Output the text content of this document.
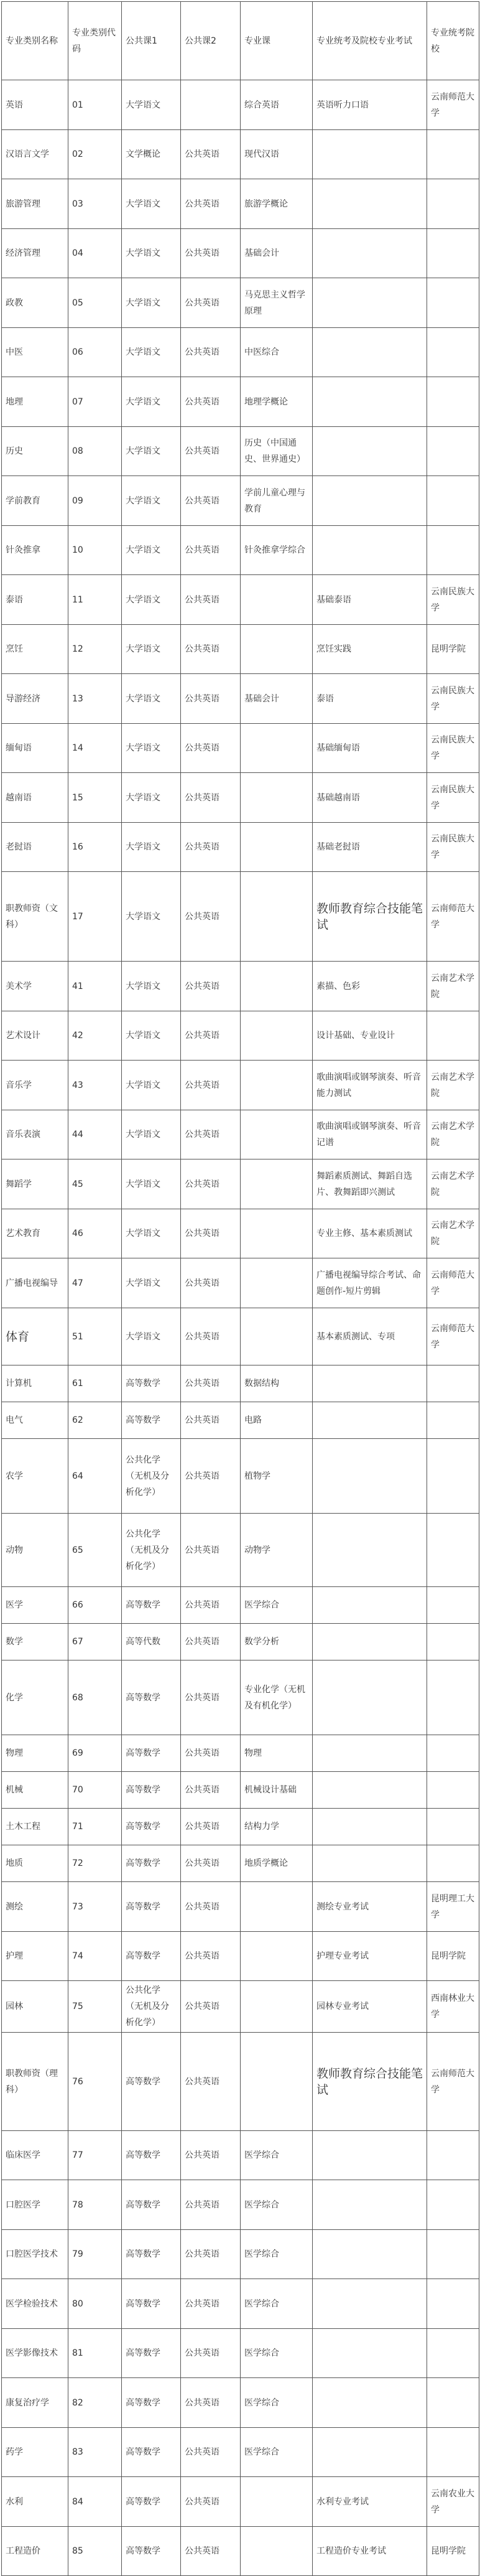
专业类别名称	专业类别代码	公共课1	公共课2	专业课	专业统考及院校专业考试	专业统考院校
英语	01	大学语文		综合英语	英语听力口语	云南师范大学
汉语言文学	02	文学概论	公共英语	现代汉语		
旅游管理	03	大学语文	公共英语	旅游学概论		
经济管理	04	大学语文	公共英语	基础会计		
政教	05	大学语文	公共英语	马克思主义哲学原理		
中医	06	大学语文	公共英语	中医综合		
地理	07	大学语文	公共英语	地理学概论		
历史	08	大学语文	公共英语	历史（中国通史、世界通史）		
学前教育	09	大学语文	公共英语	学前儿童心理与教育		
针灸推拿	10	大学语文	公共英语	针灸推拿学综合		
泰语	11	大学语文	公共英语		基础泰语	云南民族大学
烹饪	12	大学语文	公共英语		烹饪实践	昆明学院
导游经济	13	大学语文	公共英语	基础会计	泰语	云南民族大学
缅甸语	14	大学语文	公共英语		基础缅甸语	云南民族大学
越南语	15	大学语文	公共英语		基础越南语	云南民族大学
老挝语	16	大学语文	公共英语		基础老挝语	云南民族大学
职教师资（文科）	17	大学语文	公共英语		教师教育综合技能笔试	云南师范大学
美术学	41	大学语文	公共英语		素描、色彩	云南艺术学院
艺术设计	42	大学语文	公共英语		设计基础、专业设计	
音乐学	43	大学语文	公共英语		歌曲演唱或钢琴演奏、听音能力测试	云南艺术学院
音乐表演	44	大学语文	公共英语		歌曲演唱或钢琴演奏、听音记谱	云南艺术学院
舞蹈学	45	大学语文	公共英语		舞蹈素质测试、舞蹈自选片、教舞蹈即兴测试	云南艺术学院
艺术教育	46	大学语文	公共英语		专业主修、基本素质测试	云南艺术学院
广播电视编导	47	大学语文	公共英语		广播电视编导综合考试、命题创作-短片剪辑	云南师范大学
体育	51	大学语文	公共英语		基本素质测试、专项	云南师范大学
计算机	61	高等数学	公共英语	数据结构		
电气	62	高等数学	公共英语	电路		
农学	64	公共化学（无机及分析化学）	公共英语	植物学		
动物	65	公共化学（无机及分析化学）	公共英语	动物学		
医学	66	高等数学	公共英语	医学综合		
数学	67	高等代数	公共英语	数学分析		
化学	68	高等数学	公共英语	专业化学（无机及有机化学）		
物理	69	高等数学	公共英语	物理		
机械	70	高等数学	公共英语	机械设计基础		
土木工程	71	高等数学	公共英语	结构力学		
地质	72	高等数学	公共英语	地质学概论		
测绘	73	高等数学	公共英语		测绘专业考试	昆明理工大学
护理	74	高等数学	公共英语		护理专业考试	昆明学院
园林	75	公共化学（无机及分析化学）	公共英语		园林专业考试	西南林业大学
职教师资（理科）	76	高等数学	公共英语		教师教育综合技能笔试	云南师范大学
临床医学	77	高等数学	公共英语	医学综合		
口腔医学	78	高等数学	公共英语	医学综合		
口腔医学技术	79	高等数学	公共英语	医学综合		
医学检验技术	80	高等数学	公共英语	医学综合		
医学影像技术	81	高等数学	公共英语	医学综合		
康复治疗学	82	高等数学	公共英语	医学综合		
药学	83	高等数学	公共英语	医学综合		
水利	84	高等数学	公共英语		水利专业考试	云南农业大学
工程造价	85	高等数学	公共英语		工程造价专业考试	昆明学院
